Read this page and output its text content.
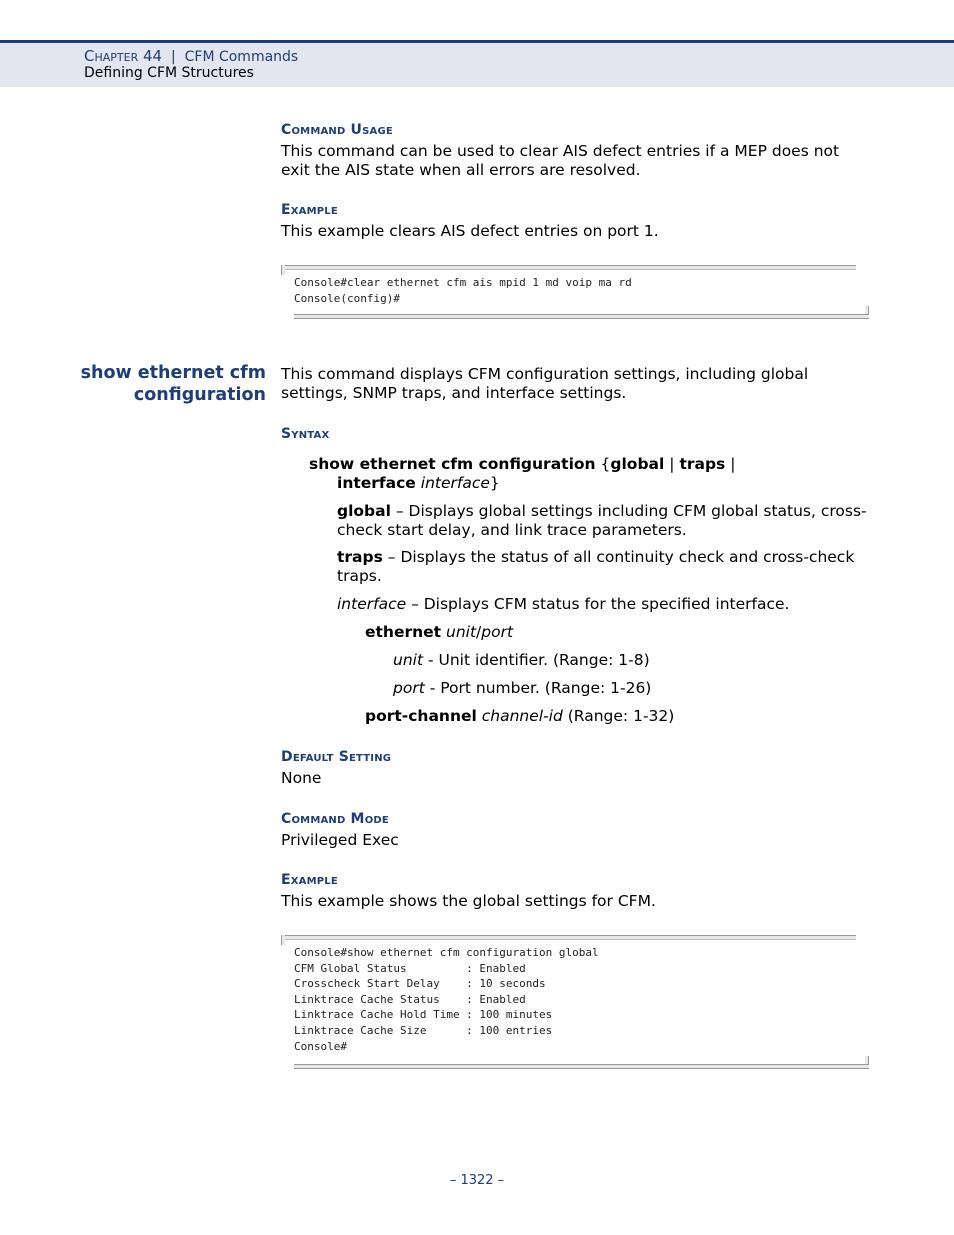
Chapter 44 | CFM Commands
Defining CFM Structures
Command Usage
This command can be used to clear AIS defect entries if a MEP does not
exit the AIS state when all errors are resolved.
Example
This example clears AIS defect entries on port 1.
Console#clear ethernet cfm ais mpid 1 md voip ma rd
Console(config)#
show ethernet cfm
configuration
This command displays CFM configuration settings, including global
settings, SNMP traps, and interface settings.
Syntax
show ethernet cfm configuration {global | traps |
interface interface}
global – Displays global settings including CFM global status, cross-
check start delay, and link trace parameters.
traps – Displays the status of all continuity check and cross-check
traps.
interface – Displays CFM status for the specified interface.
ethernet unit/port
unit - Unit identifier. (Range: 1-8)
port - Port number. (Range: 1-26)
port-channel channel-id (Range: 1-32)
Default Setting
None
Command Mode
Privileged Exec
Example
This example shows the global settings for CFM.
Console#show ethernet cfm configuration global
CFM Global Status         : Enabled
Crosscheck Start Delay    : 10 seconds
Linktrace Cache Status    : Enabled
Linktrace Cache Hold Time : 100 minutes
Linktrace Cache Size      : 100 entries
Console#
– 1322 –
